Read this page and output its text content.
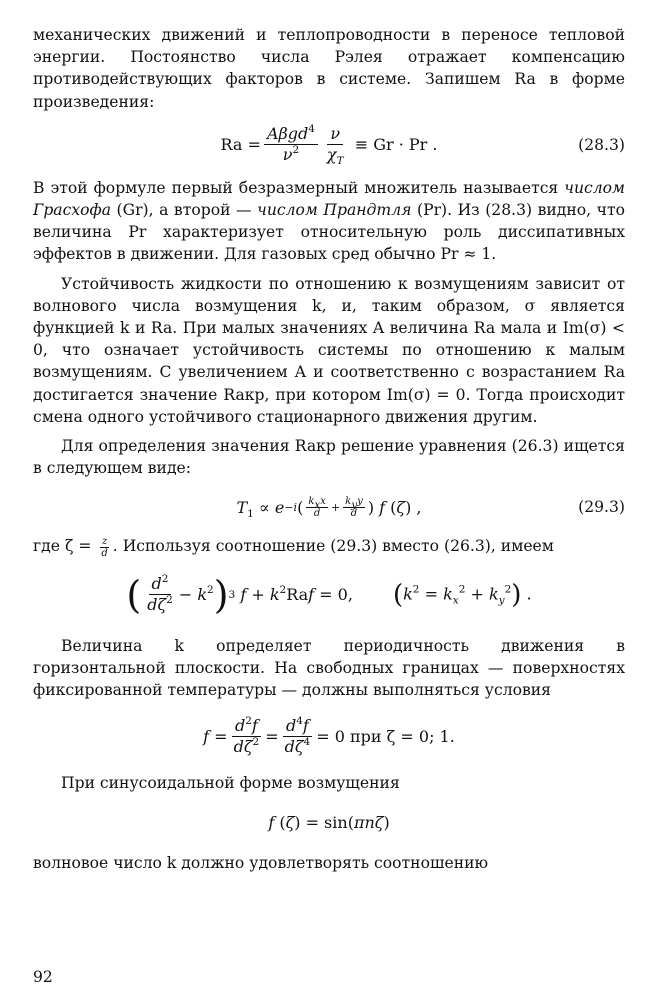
механических движений и теплопроводности в переносе тепловой энергии. Постоянство числа Рэлея отражает компенсацию противодействующих факторов в системе. Запишем Ra в форме произведения:

$Ra = \frac{A\beta gd^4}{\nu^2} \frac{\nu}{\chi_T} \equiv Gr \cdot Pr$ .	(28.3)

В этой формуле первый безразмерный множитель называется числом Грасхофа (Gr), а второй — числом Прандтля (Pr). Из (28.3) видно, что величина Pr характеризует относительную роль диссипативных эффектов в движении. Для газовых сред обычно Pr ≈ 1.

Устойчивость жидкости по отношению к возмущениям зависит от волнового числа возмущения k, и, таким образом, σ является функцией k и Ra. При малых значениях A величина Ra мала и Im(σ) < 0, что означает устойчивость системы по отношению к малым возмущениям. С увеличением A и соответственно с возрастанием Ra достигается значение Raкр, при котором Im(σ) = 0. Тогда происходит смена одного устойчивого стационарного движения другим.

Для определения значения Raкр решение уравнения (26.3) ищется в следующем виде:

$T_1 \propto e - i$ ( $\frac{k_xx}{d} + \frac{k_yy}{d}$ ) f (ζ) ,	(29.3)

где $\zeta = \frac{z}{d}$ . Используя соотношение (29.3) вместо (26.3), имеем

( $\frac{d^2}{d\zeta^2} - k^2$ ) 3 $f + k^2Raf = 0$, $(k^2 = k_x^2 + k_y^2)$ .

Величина k определяет периодичность движения в горизонтальной плоскости. На свободных границах — поверхностях фиксированной температуры — должны выполняться условия

$f = \frac{d^2f}{d\zeta^2} = \frac{d^4f}{d\zeta^4} = 0$ при ζ = 0; 1.

При синусоидальной форме возмущения

f (ζ) = sin(πnζ)

волновое число k должно удовлетворять соотношению

92
